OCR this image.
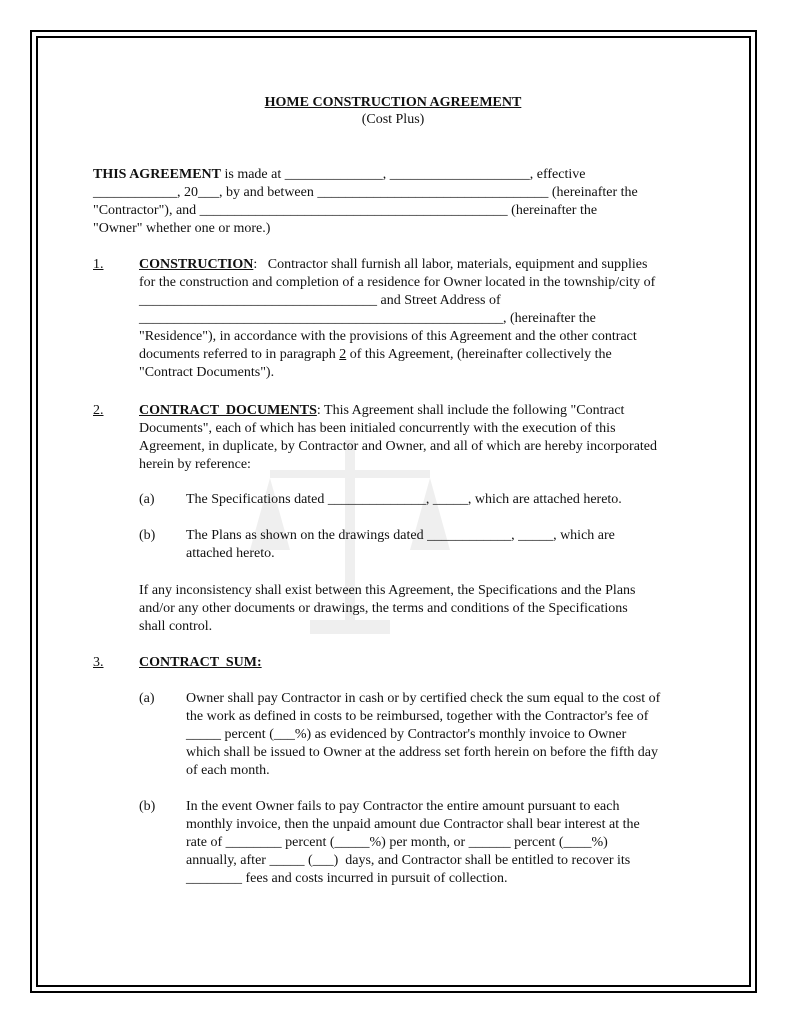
HOME CONSTRUCTION AGREEMENT
(Cost Plus)
THIS AGREEMENT is made at ______________, ____________________, effective
____________, 20___, by and between _________________________________ (hereinafter the
"Contractor"), and ____________________________________________ (hereinafter the
"Owner" whether one or more.)
1.	CONSTRUCTION:   Contractor shall furnish all labor, materials, equipment and supplies
for the construction and completion of a residence for Owner located in the township/city of
__________________________________ and Street Address of
____________________________________________________, (hereinafter the
"Residence"), in accordance with the provisions of this Agreement and the other contract
documents referred to in paragraph 2 of this Agreement, (hereinafter collectively the
"Contract Documents").
2.	CONTRACT  DOCUMENTS: This Agreement shall include the following "Contract
Documents", each of which has been initialed concurrently with the execution of this
Agreement, in duplicate, by Contractor and Owner, and all of which are hereby incorporated
herein by reference:
(a) The Specifications dated ______________, _____, which are attached hereto.
(b) The Plans as shown on the drawings dated ____________, _____, which are
attached hereto.
If any inconsistency shall exist between this Agreement, the Specifications and the Plans
and/or any other documents or drawings, the terms and conditions of the Specifications
shall control.
3.	CONTRACT  SUM:
(a) Owner shall pay Contractor in cash or by certified check the sum equal to the cost of
the work as defined in costs to be reimbursed, together with the Contractor's fee of
_____ percent (___%) as evidenced by Contractor's monthly invoice to Owner
which shall be issued to Owner at the address set forth herein on before the fifth day
of each month.
(b) In the event Owner fails to pay Contractor the entire amount pursuant to each
monthly invoice, then the unpaid amount due Contractor shall bear interest at the
rate of ________ percent (_____%) per month, or ______ percent (____%)
annually, after _____ (___)  days, and Contractor shall be entitled to recover its
________ fees and costs incurred in pursuit of collection.
